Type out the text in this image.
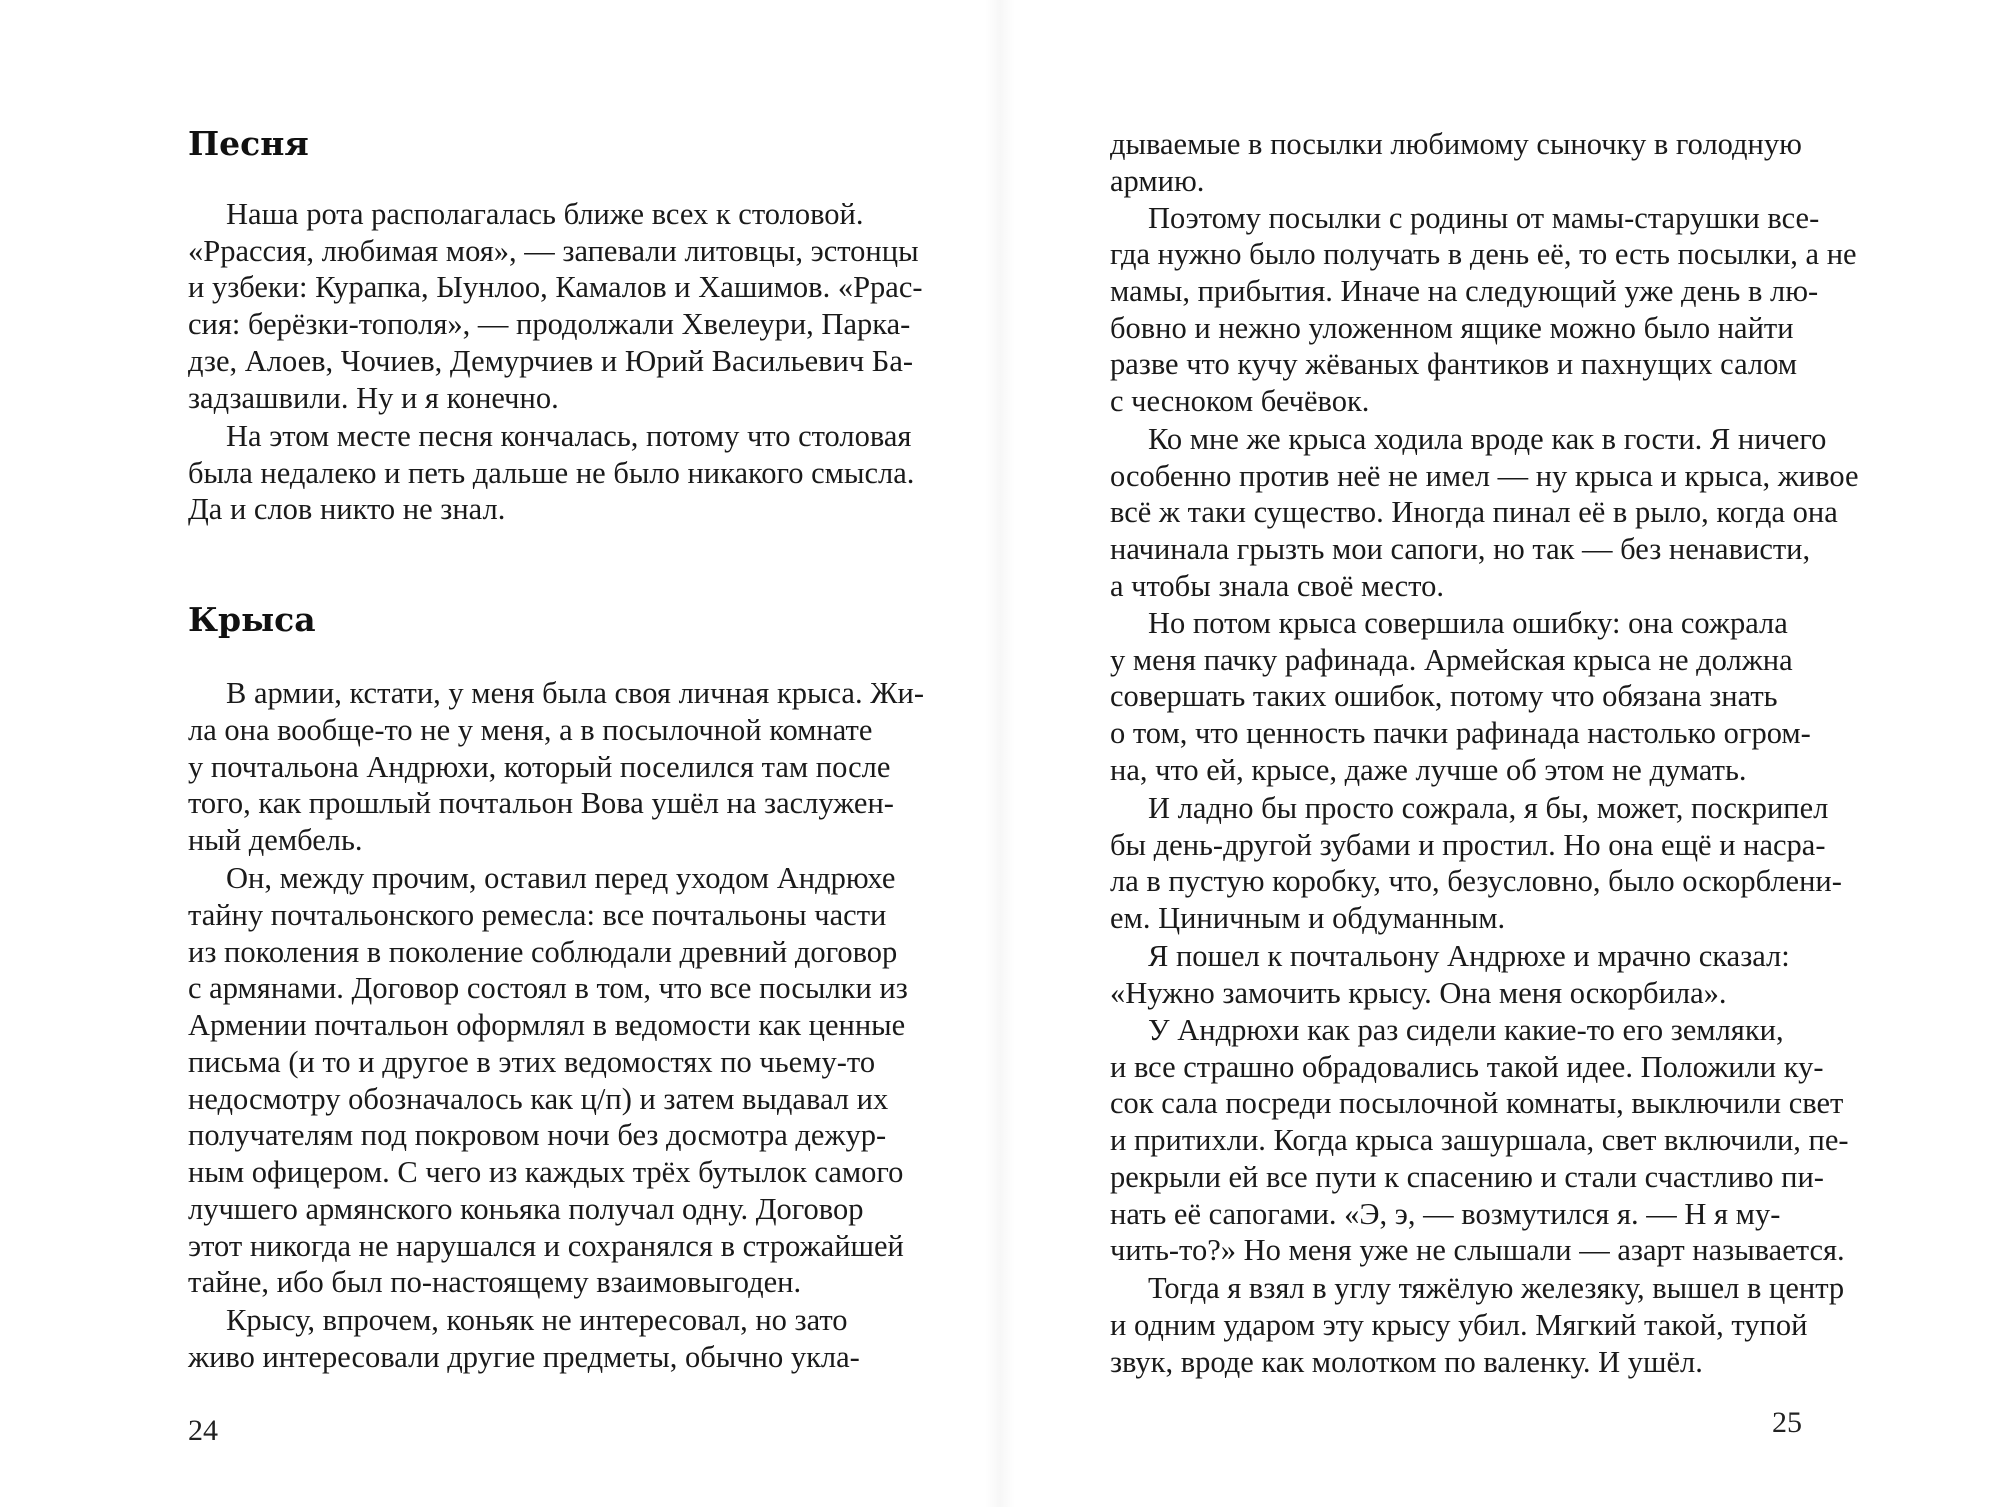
Песня
Наша рота располагалась ближе всех к столовой.
«Ррассия, любимая моя», — запевали литовцы, эстонцы
и узбеки: Курапка, Ыунлоо, Камалов и Хашимов. «Ррас-
сия: берёзки-тополя», — продолжали Хвелеури, Парка-
дзе, Алоев, Чочиев, Демурчиев и Юрий Васильевич Ба-
задзашвили. Ну и я конечно.
На этом месте песня кончалась, потому что столовая
была недалеко и петь дальше не было никакого смысла.
Да и слов никто не знал.
Крыса
В армии, кстати, у меня была своя личная крыса. Жи-
ла она вообще-то не у меня, а в посылочной комнате
у почтальона Андрюхи, который поселился там после
того, как прошлый почтальон Вова ушёл на заслужен-
ный дембель.
Он, между прочим, оставил перед уходом Андрюхе
тайну почтальонского ремесла: все почтальоны части
из поколения в поколение соблюдали древний договор
с армянами. Договор состоял в том, что все посылки из
Армении почтальон оформлял в ведомости как ценные
письма (и то и другое в этих ведомостях по чьему-то
недосмотру обозначалось как ц/п) и затем выдавал их
получателям под покровом ночи без досмотра дежур-
ным офицером. С чего из каждых трёх бутылок самого
лучшего армянского коньяка получал одну. Договор
этот никогда не нарушался и сохранялся в строжайшей
тайне, ибо был по-настоящему взаимовыгоден.
Крысу, впрочем, коньяк не интересовал, но зато
живо интересовали другие предметы, обычно укла-
24
дываемые в посылки любимому сыночку в голодную
армию.
Поэтому посылки с родины от мамы-старушки все-
гда нужно было получать в день её, то есть посылки, а не
мамы, прибытия. Иначе на следующий уже день в лю-
бовно и нежно уложенном ящике можно было найти
разве что кучу жёваных фантиков и пахнущих салом
с чесноком бечёвок.
Ко мне же крыса ходила вроде как в гости. Я ничего
особенно против неё не имел — ну крыса и крыса, живое
всё ж таки существо. Иногда пинал её в рыло, когда она
начинала грызть мои сапоги, но так — без ненависти,
а чтобы знала своё место.
Но потом крыса совершила ошибку: она сожрала
у меня пачку рафинада. Армейская крыса не должна
совершать таких ошибок, потому что обязана знать
о том, что ценность пачки рафинада настолько огром-
на, что ей, крысе, даже лучше об этом не думать.
И ладно бы просто сожрала, я бы, может, поскрипел
бы день-другой зубами и простил. Но она ещё и насра-
ла в пустую коробку, что, безусловно, было оскорблени-
ем. Циничным и обдуманным.
Я пошел к почтальону Андрюхе и мрачно сказал:
«Нужно замочить крысу. Она меня оскорбила».
У Андрюхи как раз сидели какие-то его земляки,
и все страшно обрадовались такой идее. Положили ку-
сок сала посреди посылочной комнаты, выключили свет
и притихли. Когда крыса зашуршала, свет включили, пе-
рекрыли ей все пути к спасению и стали счастливо пи-
нать её сапогами. «Э, э, — возмутился я. — Н я му-
чить-то?» Но меня уже не слышали — азарт называется.
Тогда я взял в углу тяжёлую железяку, вышел в центр
и одним ударом эту крысу убил. Мягкий такой, тупой
звук, вроде как молотком по валенку. И ушёл.
25
